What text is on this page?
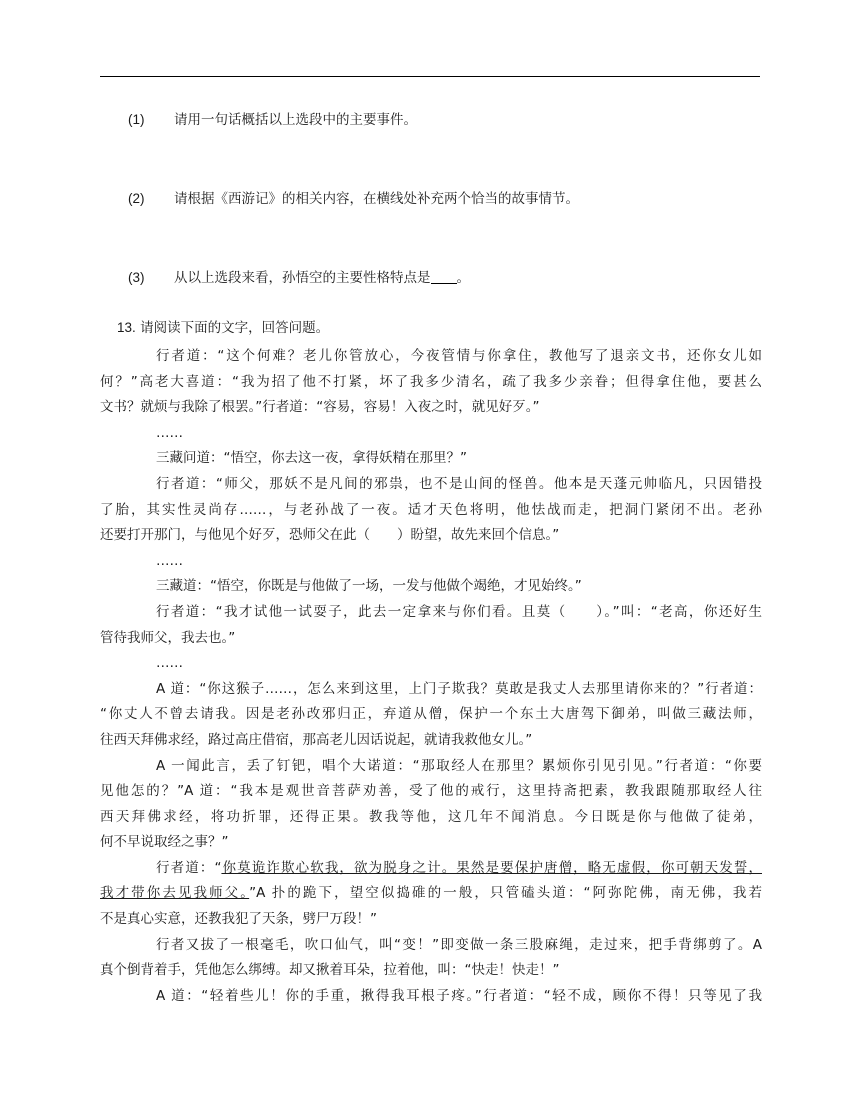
(1) 请用一句话概括以上选段中的主要事件。
(2) 请根据《西游记》的相关内容，在横线处补充两个恰当的故事情节。
(3) 从以上选段来看，孙悟空的主要性格特点是 。
13. 请阅读下面的文字，回答问题。
行者道：“这个何难？老儿你管放心，今夜管情与你拿住，教他写了退亲文书，还你女儿如
何？”高老大喜道：“我为招了他不打紧，坏了我多少清名，疏了我多少亲眷；但得拿住他，要甚么
文书？就烦与我除了根罢。”行者道：“容易，容易！入夜之时，就见好歹。”
……
三藏问道：“悟空，你去这一夜，拿得妖精在那里？”
行者道：“师父，那妖不是凡间的邪祟，也不是山间的怪兽。他本是天蓬元帅临凡，只因错投
了胎，其实性灵尚存……，与老孙战了一夜。适才天色将明，他怯战而走，把洞门紧闭不出。老孙
还要打开那门，与他见个好歹，恐师父在此（　　）盼望，故先来回个信息。”
……
三藏道：“悟空，你既是与他做了一场，一发与他做个竭绝，才见始终。”
行者道：“我才试他一试耍子，此去一定拿来与你们看。且莫（　　）。”叫：“老高，你还好生
管待我师父，我去也。”
……
A 道：“你这猴子……，怎么来到这里，上门子欺我？莫敢是我丈人去那里请你来的？”行者道：
“你丈人不曾去请我。因是老孙改邪归正，弃道从僧，保护一个东土大唐驾下御弟，叫做三藏法师，
往西天拜佛求经，路过高庄借宿，那高老儿因话说起，就请我救他女儿。”
A 一闻此言，丢了钉钯，唱个大诺道：“那取经人在那里？累烦你引见引见。”行者道：“你要
见他怎的？”A 道：“我本是观世音菩萨劝善，受了他的戒行，这里持斋把素，教我跟随那取经人往
西天拜佛求经，将功折罪，还得正果。教我等他，这几年不闻消息。今日既是你与他做了徒弟，
何不早说取经之事？”
行者道：“你莫诡诈欺心软我，欲为脱身之计。果然是要保护唐僧，略无虚假，你可朝天发誓，
我才带你去见我师父。”A 扑的跪下，望空似捣碓的一般，只管磕头道：“阿弥陀佛，南无佛，我若
不是真心实意，还教我犯了天条，劈尸万段！”
行者又拔了一根毫毛，吹口仙气，叫“变！”即变做一条三股麻绳，走过来，把手背绑剪了。A
真个倒背着手，凭他怎么绑缚。却又揪着耳朵，拉着他，叫：“快走！快走！”
A 道：“轻着些儿！你的手重，揪得我耳根子疼。”行者道：“轻不成，顾你不得！只等见了我
